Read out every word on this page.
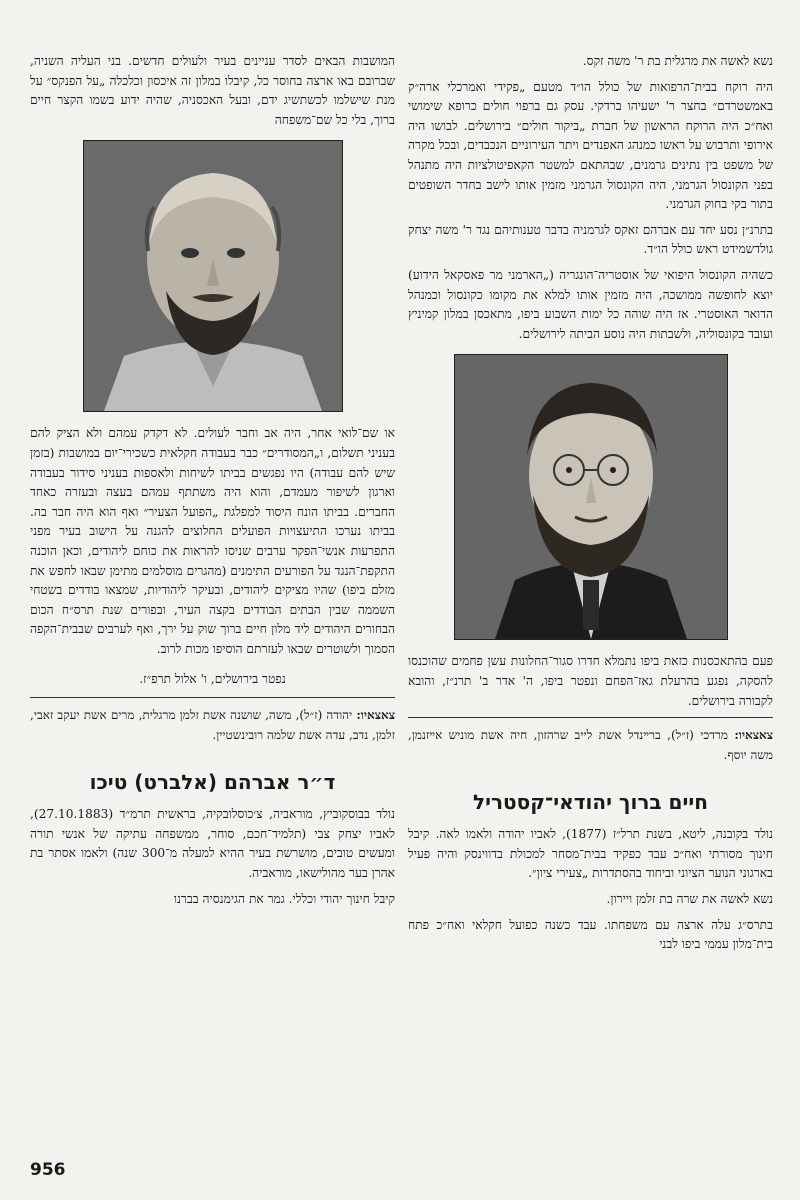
נשא לאשה את מרגלית בת ר' משה זקס.

היה רוקח בבית־הרפואות של כולל הו״ד מטעם „פקידי ואמרכלי ארה״ק באמשטרדם״ בחצר ר' ישעיהו ברדקי. עסק גם ברפוי חולים כרופא שימושי ואח״כ היה הרוקח הראשון של חברת „ביקור חולים״ בירושלים. לבושו היה אירופי ותרבוש על ראשו כמנהג האפנדים ויתר העירוניים הנכבדים, ובכל מקרה של משפט בין נתינים גרמנים, שבהתאם למשטר הקאפיטולציות היה מתנהל בפני הקונסול הגרמני, היה הקונסול הגרמני מזמין אותו לישב בחדר השופטים בתור בקי בחוק הגרמני.

בתרנ״ן נסע יחד עם אברהם זאקס לגרמניה בדבר טענותיהם נגד ר' משה יצחק גולדשמידט ראש כולל הו״ד.

כשהיה הקונסול היפואי של אוסטריה־הונגריה („הארמני מר פאסקאל הידוע) יוצא לחופשה ממושכה, היה מזמין אותו למלא את מקומו כקונסול וכמנהל הדואר האוסטרי. אז היה שוהה כל ימות השבוע ביפו, מתאכסן במלון קמיניץ ועובד בקונסוליה, ולשבתות היה נוסע הביתה לירושלים.

פעם בהתאכסנות כזאת ביפו נתמלא חדרו סגור־החלונות עשן פחמים שהוכנסו להסקה, נפגע בהרעלת גאז־הפחם ונפטר ביפו, ה' אדר ב' תרנ״ז, והובא לקבורה בירושלים.

צאצאיו: מרדכי (ז״ל), ברײנדל אשת לייב שרהזון, חיה אשת מוניש אײזנמן, משה יוסף.

חיים ברוך יהודאי־קסטריל

נולד בקובנה, ליטא, בשנת תרל״ז (1877), לאביו יהודה ולאמו לאה. קיבל חינוך מסורתי ואח״כ עבד כפקיד בבית־מסחר למכולת בדווינסק והיה פעיל בארגוני הנוער הציוני וביחוד בהסתדרות „צעירי ציון״.

נשא לאשה את שרה בת זלמן ויירון.

בתרס״ג עלה ארצה עם משפחתו. עבד כשנה כפועל חקלאי ואח״כ פתח בית־מלון עממי ביפו לבני

המושבות הבאים לסדר עניינים בעיר ולעולים חדשים. בני העליה השניה, שברובם באו ארצה בחוסר כל, קיבלו במלון זה איכסון וכלכלה „על הפנקס״ על מנת שישלמו לכשתשיג ידם, ובעל האכסניה, שהיה ידוע בשמו הקצר חיים ברוך, בלי כל שם־משפחה

או שם־לואי אחר, היה אב וחבר לעולים. לא דקדק עמהם ולא הציק להם בעניני תשלום, ו„המסודרים״ כבר בעבודה חקלאית כשכירי־יום במושבות (בזמן שיש להם עבודה) היו נפגשים בביתו לשיחות ולאספות בעניני סידור בעבודה וארגון לשיפור מעמדם, והוא היה משתתף עמהם בעצה ובעזרה כאחד החברים. בביתו הונח היסוד למפלגת „הפועל הצעיר״ ואף הוא היה חבר בה. בביתו נערכו התיעצויות הפועלים החלוצים להגנה על הישוב בעיר מפני התפרעות אנשי־הפקר ערבים שניסו להראות את כוחם ליהודים, וכאן הוכנה התקפת־הנגד על הפורעים התימנים (מהגרים מוסלמים מתימן שבאו לחפש את מזלם ביפו) שהיו מציקים ליהודים, ובעיקר ליהודיות, שמצאו בודדים בשטחי השממה שבין הבתים הבודדים בקצה העיר, ובפורים שנת תרס״ח הכום הבחורים היהודים ליד מלון חיים ברוך שוק על ירך, ואף לערבים שבבית־הקפה הסמוך ולשוטרים שבאו לעזרתם הוסיפו מכות לרוב.

נפטר בירושלים, ו' אלול תרפ״ז.

צאצאיו: יהודה (ז״ל), משה, שושנה אשת זלמן מרגלית, מרים אשת יעקב זאבי, זלמן, נדב, עדה אשת שלמה רובינשטיין.

ד״ר אברהם (אלברט) טיכו

נולד בבוסקוביץ, מוראביה, צ׳כוסלובקיה, בראשית תרמ״ד (27.10.1883), לאביו יצחק צבי (תלמיד־חכם, סוחר, ממשפחה עתיקה של אנשי תורה ומעשים טובים, מושרשת בעיר ההיא למעלה מ־300 שנה) ולאמו אסתר בת אהרן בער מהולישאו, מוראביה.

קיבל חינוך יהודי וכללי. גמר את הגימנסיה בברנו

956
